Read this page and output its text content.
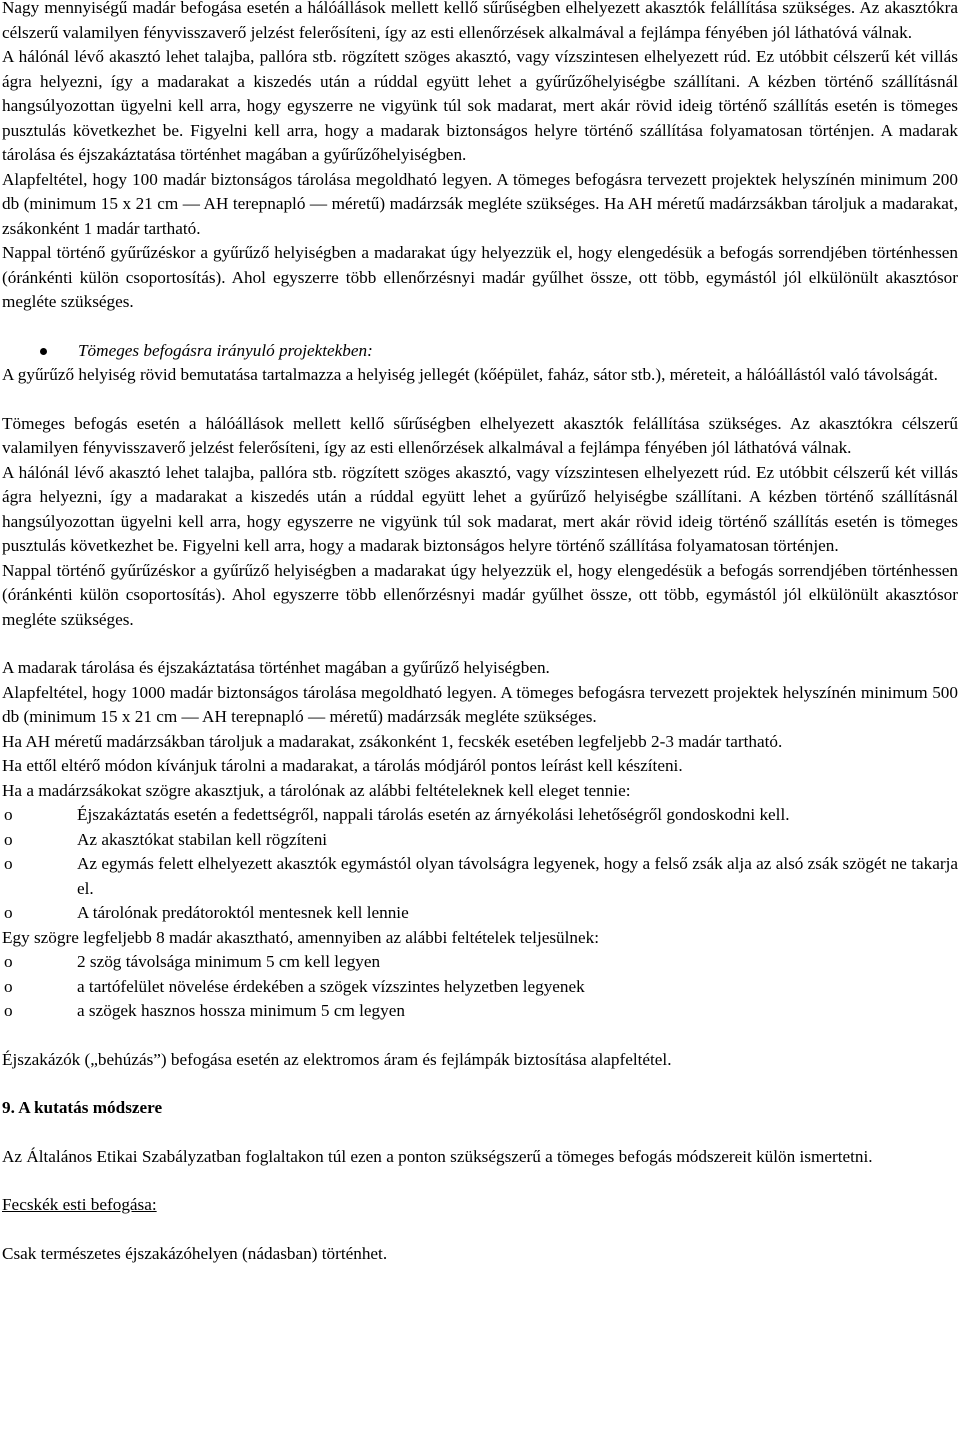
Nagy mennyiségű madár befogása esetén a hálóállások mellett kellő sűrűségben elhelyezett akasztók felállítása szükséges. Az akasztókra célszerű valamilyen fényvisszaverő jelzést felerősíteni, így az esti ellenőrzések alkalmával a fejlámpa fényében jól láthatóvá válnak.

A hálónál lévő akasztó lehet talajba, pallóra stb. rögzített szöges akasztó, vagy vízszintesen elhelyezett rúd. Ez utóbbit célszerű két villás ágra helyezni, így a madarakat a kiszedés után a rúddal együtt lehet a gyűrűzőhelyiségbe szállítani. A kézben történő szállításnál hangsúlyozottan ügyelni kell arra, hogy egyszerre ne vigyünk túl sok madarat, mert akár rövid ideig történő szállítás esetén is tömeges pusztulás következhet be. Figyelni kell arra, hogy a madarak biztonságos helyre történő szállítása folyamatosan történjen. A madarak tárolása és éjszakáztatása történhet magában a gyűrűzőhelyiségben.

Alapfeltétel, hogy 100 madár biztonságos tárolása megoldható legyen. A tömeges befogásra tervezett projektek helyszínén minimum 200 db (minimum 15 x 21 cm — AH terepnapló — méretű) madárzsák megléte szükséges. Ha AH méretű madárzsákban tároljuk a madarakat, zsákonként 1 madár tartható.

Nappal történő gyűrűzéskor a gyűrűző helyiségben a madarakat úgy helyezzük el, hogy elengedésük a befogás sorrendjében történhessen (óránkénti külön csoportosítás). Ahol egyszerre több ellenőrzésnyi madár gyűlhet össze, ott több, egymástól jól elkülönült akasztósor megléte szükséges.

Tömeges befogásra irányuló projektekben:

A gyűrűző helyiség rövid bemutatása tartalmazza a helyiség jellegét (kőépület, faház, sátor stb.), méreteit, a hálóállástól való távolságát.

Tömeges befogás esetén a hálóállások mellett kellő sűrűségben elhelyezett akasztók felállítása szükséges. Az akasztókra célszerű valamilyen fényvisszaverő jelzést felerősíteni, így az esti ellenőrzések alkalmával a fejlámpa fényében jól láthatóvá válnak.

A hálónál lévő akasztó lehet talajba, pallóra stb. rögzített szöges akasztó, vagy vízszintesen elhelyezett rúd. Ez utóbbit célszerű két villás ágra helyezni, így a madarakat a kiszedés után a rúddal együtt lehet a gyűrűző helyiségbe szállítani. A kézben történő szállításnál hangsúlyozottan ügyelni kell arra, hogy egyszerre ne vigyünk túl sok madarat, mert akár rövid ideig történő szállítás esetén is tömeges pusztulás következhet be. Figyelni kell arra, hogy a madarak biztonságos helyre történő szállítása folyamatosan történjen.

Nappal történő gyűrűzéskor a gyűrűző helyiségben a madarakat úgy helyezzük el, hogy elengedésük a befogás sorrendjében történhessen (óránkénti külön csoportosítás). Ahol egyszerre több ellenőrzésnyi madár gyűlhet össze, ott több, egymástól jól elkülönült akasztósor megléte szükséges.

A madarak tárolása és éjszakáztatása történhet magában a gyűrűző helyiségben.

Alapfeltétel, hogy 1000 madár biztonságos tárolása megoldható legyen. A tömeges befogásra tervezett projektek helyszínén minimum 500 db (minimum 15 x 21 cm — AH terepnapló — méretű) madárzsák megléte szükséges.

Ha AH méretű madárzsákban tároljuk a madarakat, zsákonként 1, fecskék esetében legfeljebb 2-3 madár tartható.

Ha ettől eltérő módon kívánjuk tárolni a madarakat, a tárolás módjáról pontos leírást kell készíteni.

Ha a madárzsákokat szögre akasztjuk, a tárolónak az alábbi feltételeknek kell eleget tennie:

o	Éjszakáztatás esetén a fedettségről, nappali tárolás esetén az árnyékolási lehetőségről gondoskodni kell.
o	Az akasztókat stabilan kell rögzíteni
o	Az egymás felett elhelyezett akasztók egymástól olyan távolságra legyenek, hogy a felső zsák alja az alsó zsák szögét ne takarja el.
o	A tárolónak predátoroktól mentesnek kell lennie

Egy szögre legfeljebb 8 madár akasztható, amennyiben az alábbi feltételek teljesülnek:

o	2 szög távolsága minimum 5 cm kell legyen
o	a tartófelület növelése érdekében a szögek vízszintes helyzetben legyenek
o	a szögek hasznos hossza minimum 5 cm legyen

Éjszakázók („behúzás”) befogása esetén az elektromos áram és fejlámpák biztosítása alapfeltétel.

9. A kutatás módszere

Az Általános Etikai Szabályzatban foglaltakon túl ezen a ponton szükségszerű a tömeges befogás módszereit külön ismertetni.

Fecskék esti befogása:

Csak természetes éjszakázóhelyen (nádasban) történhet.
